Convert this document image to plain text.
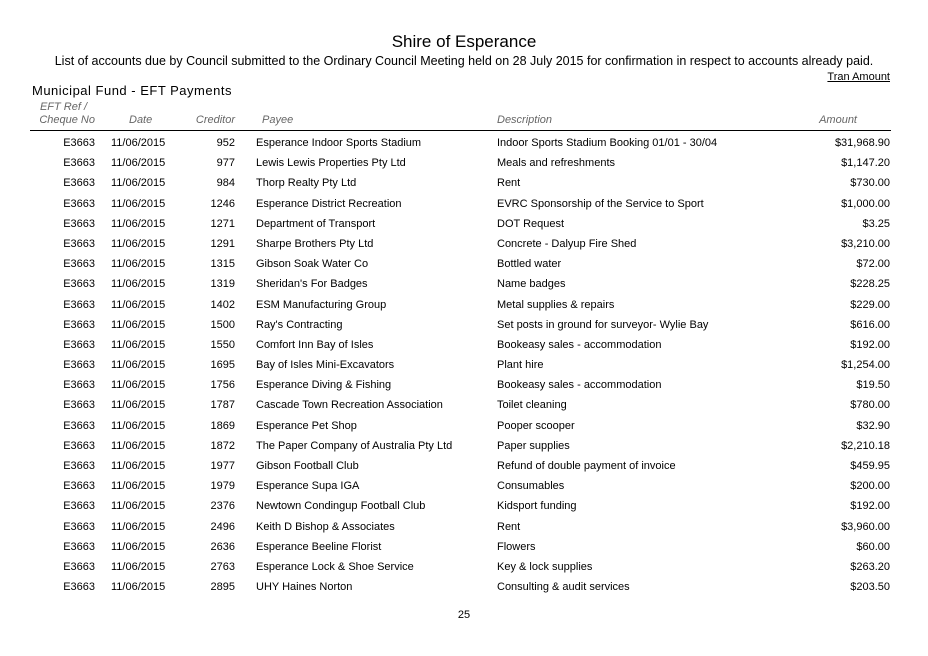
Shire of Esperance
List of accounts due by Council submitted to the Ordinary Council Meeting held on 28 July 2015 for confirmation in respect to accounts already paid.
Tran Amount
Municipal Fund - EFT Payments
EFT Ref /
Cheque No	Date	Creditor Payee	Description	Amount
E3663 11/06/2015	952 Esperance Indoor Sports Stadium	Indoor Sports Stadium Booking 01/01 - 30/04	$31,968.90
E3663 11/06/2015	977 Lewis Lewis Properties Pty Ltd	Meals and refreshments	$1,147.20
E3663 11/06/2015	984 Thorp Realty Pty Ltd	Rent	$730.00
E3663 11/06/2015	1246 Esperance District Recreation	EVRC Sponsorship of the Service to Sport	$1,000.00
E3663 11/06/2015	1271 Department of Transport	DOT Request	$3.25
E3663 11/06/2015	1291 Sharpe Brothers Pty Ltd	Concrete - Dalyup Fire Shed	$3,210.00
E3663 11/06/2015	1315 Gibson Soak Water Co	Bottled water	$72.00
E3663 11/06/2015	1319 Sheridan's For Badges	Name badges	$228.25
E3663 11/06/2015	1402 ESM Manufacturing Group	Metal supplies & repairs	$229.00
E3663 11/06/2015	1500 Ray's Contracting	Set posts in ground for surveyor- Wylie Bay	$616.00
E3663 11/06/2015	1550 Comfort Inn Bay of Isles	Bookeasy sales - accommodation	$192.00
E3663 11/06/2015	1695 Bay of Isles Mini-Excavators	Plant hire	$1,254.00
E3663 11/06/2015	1756 Esperance Diving & Fishing	Bookeasy sales - accommodation	$19.50
E3663 11/06/2015	1787 Cascade Town Recreation Association	Toilet cleaning	$780.00
E3663 11/06/2015	1869 Esperance Pet Shop	Pooper scooper	$32.90
E3663 11/06/2015	1872 The Paper Company of Australia Pty Ltd	Paper supplies	$2,210.18
E3663 11/06/2015	1977 Gibson Football Club	Refund of double payment of invoice	$459.95
E3663 11/06/2015	1979 Esperance Supa IGA	Consumables	$200.00
E3663 11/06/2015	2376 Newtown Condingup Football Club	Kidsport funding	$192.00
E3663 11/06/2015	2496 Keith D Bishop & Associates	Rent	$3,960.00
E3663 11/06/2015	2636 Esperance Beeline Florist	Flowers	$60.00
E3663 11/06/2015	2763 Esperance Lock & Shoe Service	Key & lock supplies	$263.20
E3663 11/06/2015	2895 UHY Haines Norton	Consulting & audit services	$203.50
25
